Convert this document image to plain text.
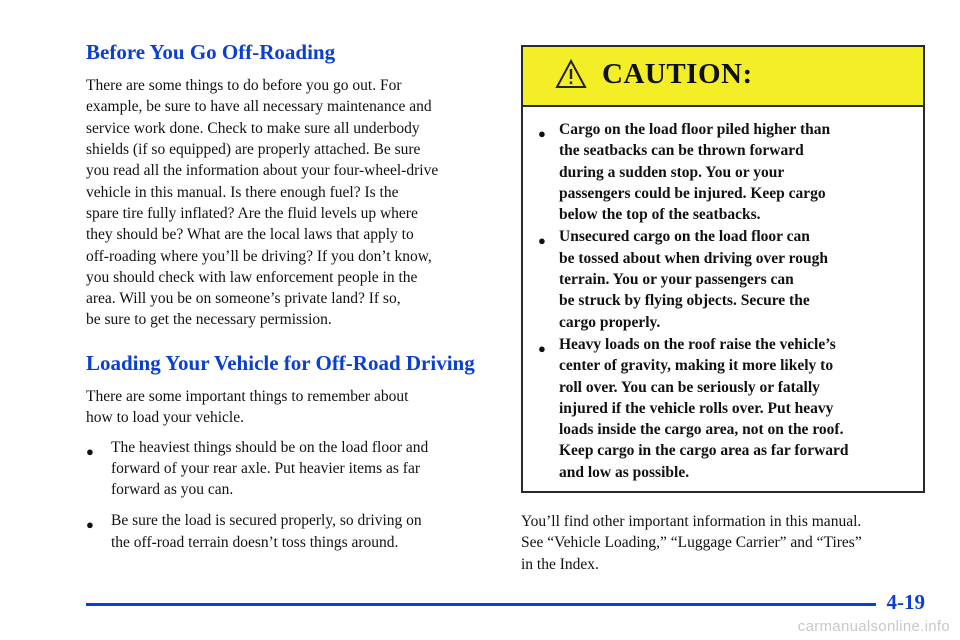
Before You Go Off-Roading

There are some things to do before you go out. For
example, be sure to have all necessary maintenance and
service work done. Check to make sure all underbody
shields (if so equipped) are properly attached. Be sure
you read all the information about your four-wheel-drive
vehicle in this manual. Is there enough fuel? Is the
spare tire fully inflated? Are the fluid levels up where
they should be? What are the local laws that apply to
off-roading where you’ll be driving? If you don’t know,
you should check with law enforcement people in the
area. Will you be on someone’s private land? If so,
be sure to get the necessary permission.

Loading Your Vehicle for Off-Road Driving

There are some important things to remember about
how to load your vehicle.

● The heaviest things should be on the load floor and
forward of your rear axle. Put heavier items as far
forward as you can.
● Be sure the load is secured properly, so driving on
the off-road terrain doesn’t toss things around.
CAUTION:
● Cargo on the load floor piled higher than
the seatbacks can be thrown forward
during a sudden stop. You or your
passengers could be injured. Keep cargo
below the top of the seatbacks.
● Unsecured cargo on the load floor can
be tossed about when driving over rough
terrain. You or your passengers can
be struck by flying objects. Secure the
cargo properly.
● Heavy loads on the roof raise the vehicle’s
center of gravity, making it more likely to
roll over. You can be seriously or fatally
injured if the vehicle rolls over. Put heavy
loads inside the cargo area, not on the roof.
Keep cargo in the cargo area as far forward
and low as possible.

You’ll find other important information in this manual.
See “Vehicle Loading,” “Luggage Carrier” and “Tires”
in the Index.

4-19
carmanualsonline.info
